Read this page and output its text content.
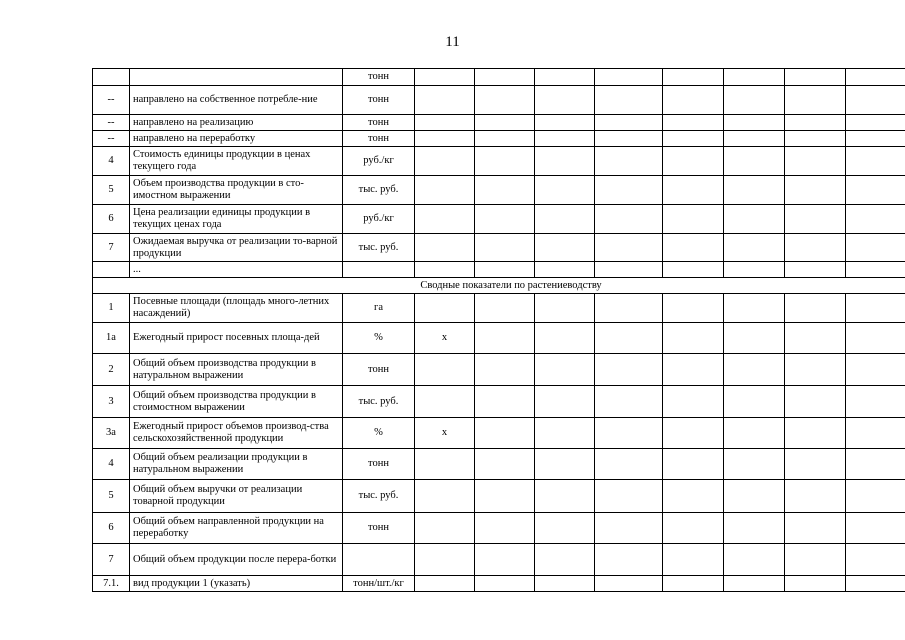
11
		тонн								
--	направлено на собственное потребле-ние	тонн								
--	направлено на реализацию	тонн								
--	направлено на переработку	тонн								
4	Стоимость единицы продукции в ценах текущего года	руб./кг								
5	Объем производства продукции в сто-имостном выражении	тыс. руб.								
6	Цена реализации единицы продукции в текущих ценах года	руб./кг								
7	Ожидаемая выручка от реализации то-варной продукции	тыс. руб.								
	...									
Сводные показатели по растениеводству										
1	Посевные площади (площадь много-летних насаждений)	га								
1а	Ежегодный прирост посевных площа-дей	%	х							
2	Общий объем производства продукции в натуральном выражении	тонн								
3	Общий объем производства продукции в стоимостном выражении	тыс. руб.								
3а	Ежегодный прирост объемов производ-ства сельскохозяйственной продукции	%	х							
4	Общий объем реализации продукции в натуральном выражении	тонн								
5	Общий объем выручки от реализации товарной продукции	тыс. руб.								
6	Общий объем направленной продукции на переработку	тонн								
7	Общий объем продукции после перера-ботки									
7.1.	вид продукции 1 (указать)	тонн/шт./кг								
